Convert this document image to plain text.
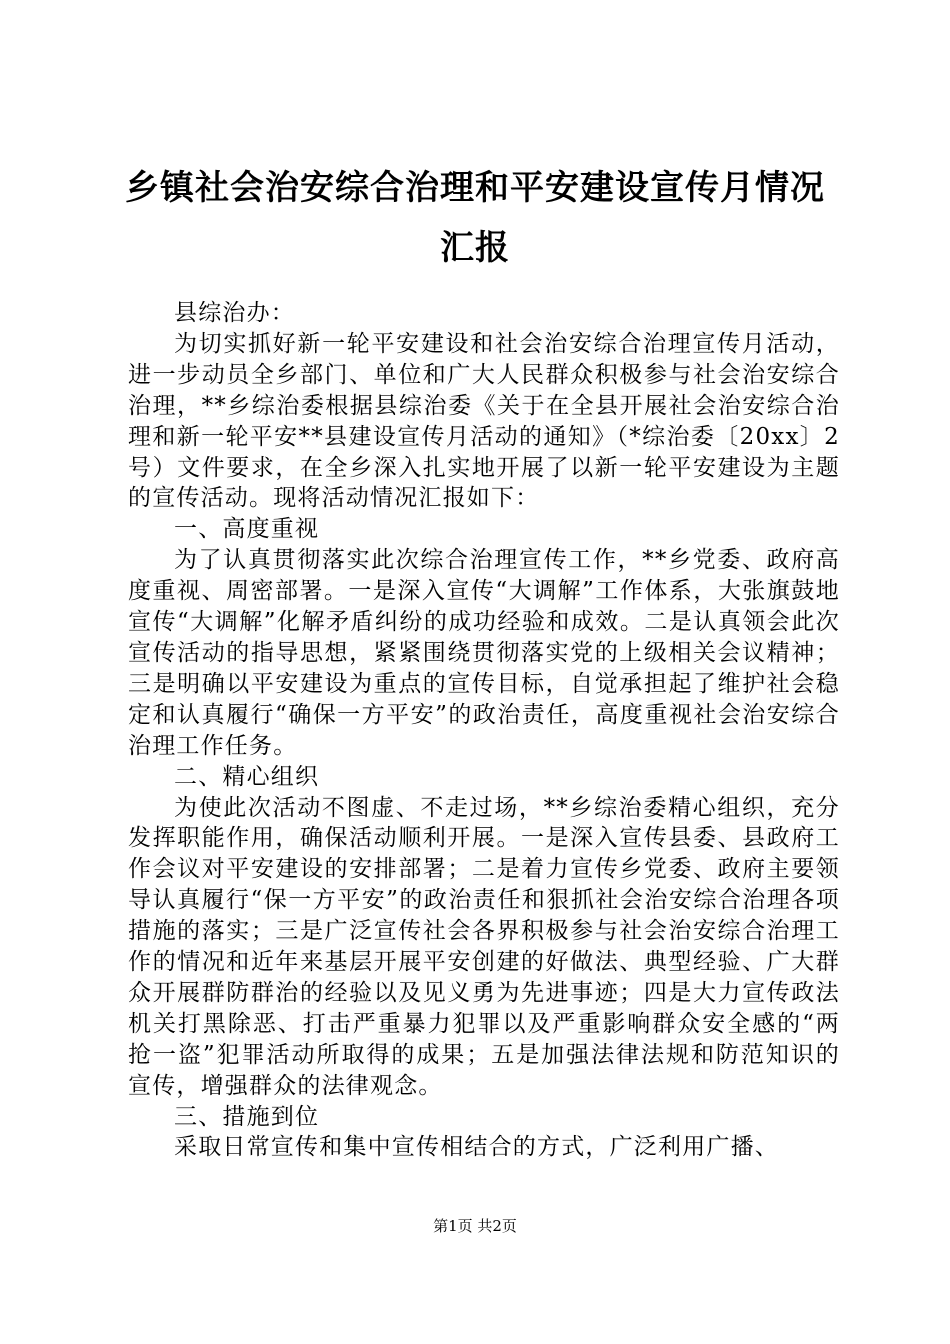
乡镇社会治安综合治理和平安建设宣传月情况汇报

县综治办：

为切实抓好新一轮平安建设和社会治安综合治理宣传月活动，进一步动员全乡部门、单位和广大人民群众积极参与社会治安综合治理，**乡综治委根据县综治委《关于在全县开展社会治安综合治理和新一轮平安**县建设宣传月活动的通知》（*综治委〔20xx〕2号）文件要求，在全乡深入扎实地开展了以新一轮平安建设为主题的宣传活动。现将活动情况汇报如下：

一、高度重视

为了认真贯彻落实此次综合治理宣传工作，**乡党委、政府高度重视、周密部署。一是深入宣传“大调解”工作体系，大张旗鼓地宣传“大调解”化解矛盾纠纷的成功经验和成效。二是认真领会此次宣传活动的指导思想，紧紧围绕贯彻落实党的上级相关会议精神；三是明确以平安建设为重点的宣传目标，自觉承担起了维护社会稳定和认真履行“确保一方平安”的政治责任，高度重视社会治安综合治理工作任务。

二、精心组织

为使此次活动不图虚、不走过场，**乡综治委精心组织，充分发挥职能作用，确保活动顺利开展。一是深入宣传县委、县政府工作会议对平安建设的安排部署；二是着力宣传乡党委、政府主要领导认真履行“保一方平安”的政治责任和狠抓社会治安综合治理各项措施的落实；三是广泛宣传社会各界积极参与社会治安综合治理工作的情况和近年来基层开展平安创建的好做法、典型经验、广大群众开展群防群治的经验以及见义勇为先进事迹；四是大力宣传政法机关打黑除恶、打击严重暴力犯罪以及严重影响群众安全感的“两抢一盗”犯罪活动所取得的成果；五是加强法律法规和防范知识的宣传，增强群众的法律观念。

三、措施到位

采取日常宣传和集中宣传相结合的方式，广泛利用广播、

第1页 共2页
